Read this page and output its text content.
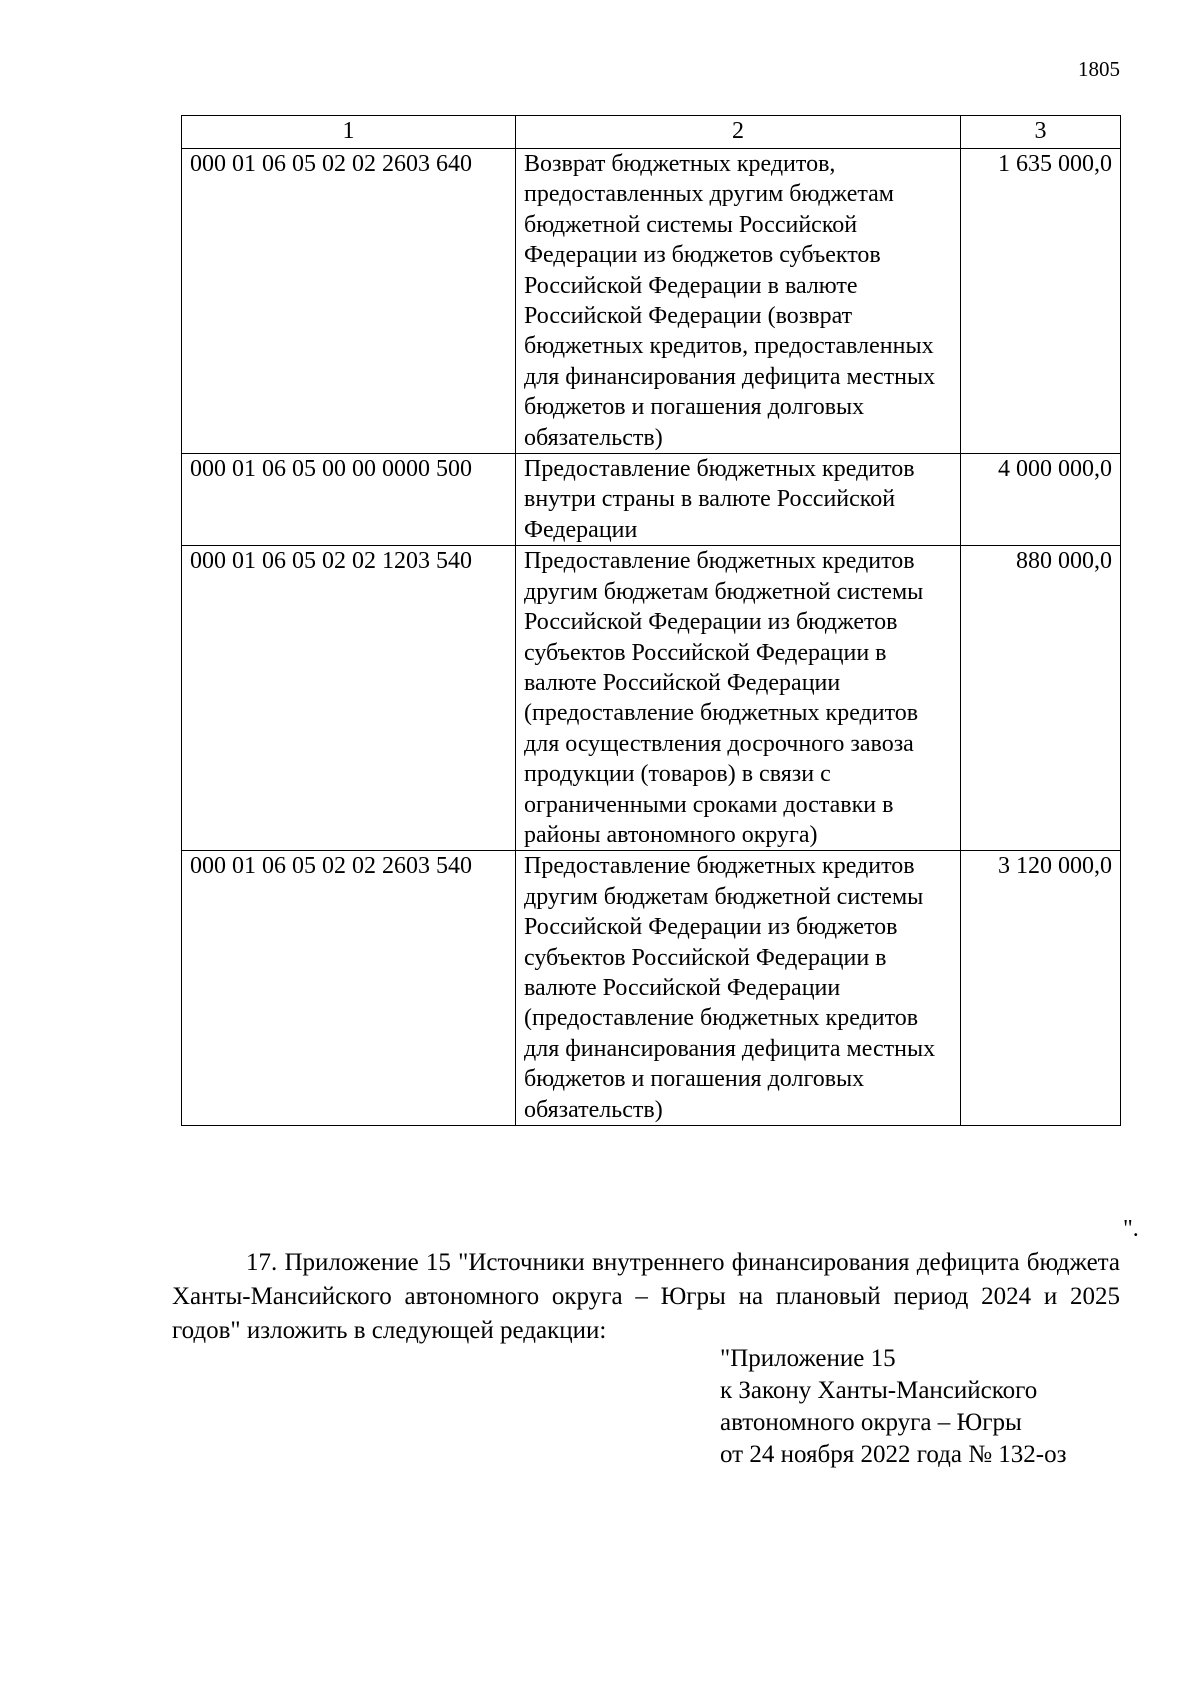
1805
1	2	3
000 01 06 05 02 02 2603 640	Возврат бюджетных кредитов, предоставленных другим бюджетам бюджетной системы Российской Федерации из бюджетов субъектов Российской Федерации в валюте Российской Федерации (возврат бюджетных кредитов, предоставленных для финансирования дефицита местных бюджетов и погашения долговых обязательств)	1 635 000,0
000 01 06 05 00 00 0000 500	Предоставление бюджетных кредитов внутри страны в валюте Российской Федерации	4 000 000,0
000 01 06 05 02 02 1203 540	Предоставление бюджетных кредитов другим бюджетам бюджетной системы Российской Федерации из бюджетов субъектов Российской Федерации в валюте Российской Федерации (предоставление бюджетных кредитов для осуществления досрочного завоза продукции (товаров) в связи с ограниченными сроками доставки в районы автономного округа)	880 000,0
000 01 06 05 02 02 2603 540	Предоставление бюджетных кредитов другим бюджетам бюджетной системы Российской Федерации из бюджетов субъектов Российской Федерации в валюте Российской Федерации (предоставление бюджетных кредитов для финансирования дефицита местных бюджетов и погашения долговых обязательств)	3 120 000,0
".

17. Приложение 15 "Источники внутреннего финансирования дефицита бюджета Ханты-Мансийского автономного округа – Югры на плановый период 2024 и 2025 годов" изложить в следующей редакции:

"Приложение 15
к Закону Ханты-Мансийского
автономного округа – Югры
от 24 ноября 2022 года № 132-оз
